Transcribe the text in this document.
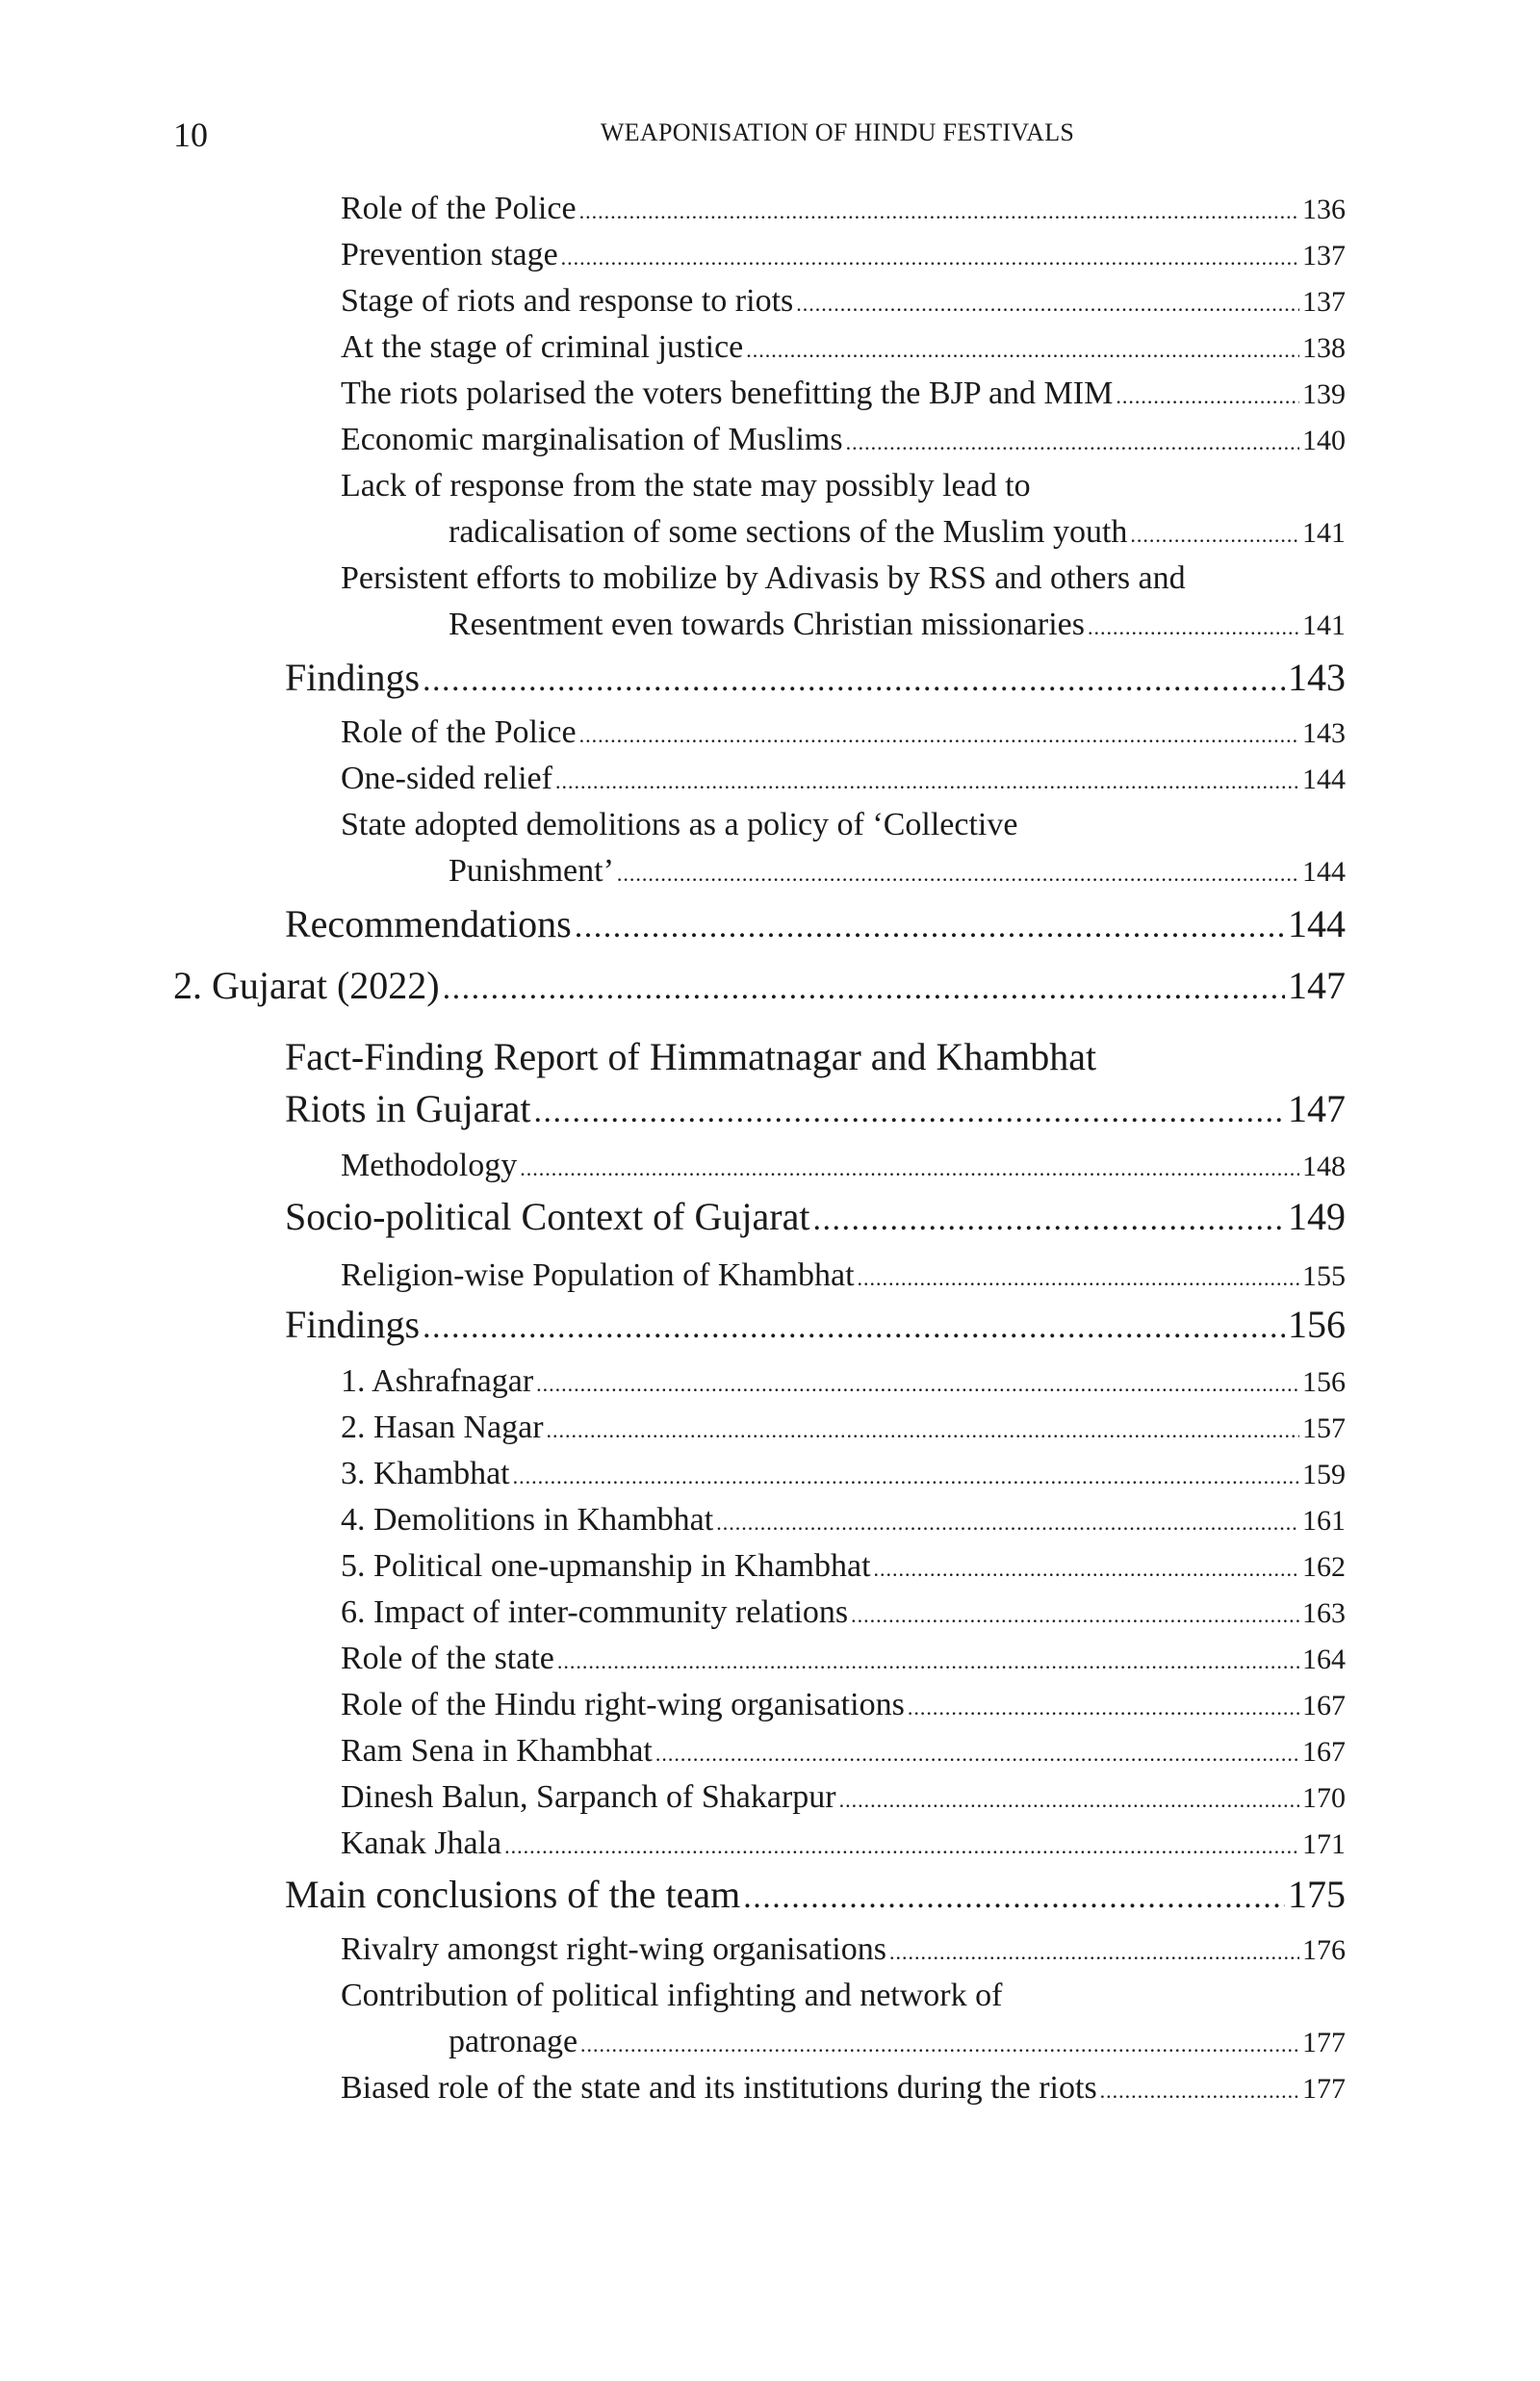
10	WEAPONISATION OF HINDU FESTIVALS
Role of the Police .....	136
Prevention stage .....	137
Stage of riots and response to riots .....	137
At the stage of criminal justice .....	138
The riots polarised the voters benefitting the BJP and MIM .....	139
Economic marginalisation of Muslims .....	140
Lack of response from the state may possibly lead to
radicalisation of some sections of the Muslim youth .....	141
Persistent efforts to mobilize by Adivasis by RSS and others and
Resentment even towards Christian missionaries .....	141
Findings .....	143
Role of the Police .....	143
One-sided relief .....	144
State adopted demolitions as a policy of ‘Collective
Punishment’ .....	144
Recommendations .....	144
2. Gujarat (2022) .....	147
Fact-Finding Report of Himmatnagar and Khambhat
Riots in Gujarat .....	147
Methodology .....	148
Socio-political Context of Gujarat .....	149
Religion-wise Population of Khambhat .....	155
Findings .....	156
1. Ashrafnagar .....	156
2. Hasan Nagar .....	157
3. Khambhat .....	159
4. Demolitions in Khambhat .....	161
5. Political one-upmanship in Khambhat .....	162
6. Impact of inter-community relations .....	163
Role of the state .....	164
Role of the Hindu right-wing organisations .....	167
Ram Sena in Khambhat .....	167
Dinesh Balun, Sarpanch of Shakarpur .....	170
Kanak Jhala .....	171
Main conclusions of the team .....	175
Rivalry amongst right-wing organisations .....	176
Contribution of political infighting and network of
patronage .....	177
Biased role of the state and its institutions during the riots .....	177
